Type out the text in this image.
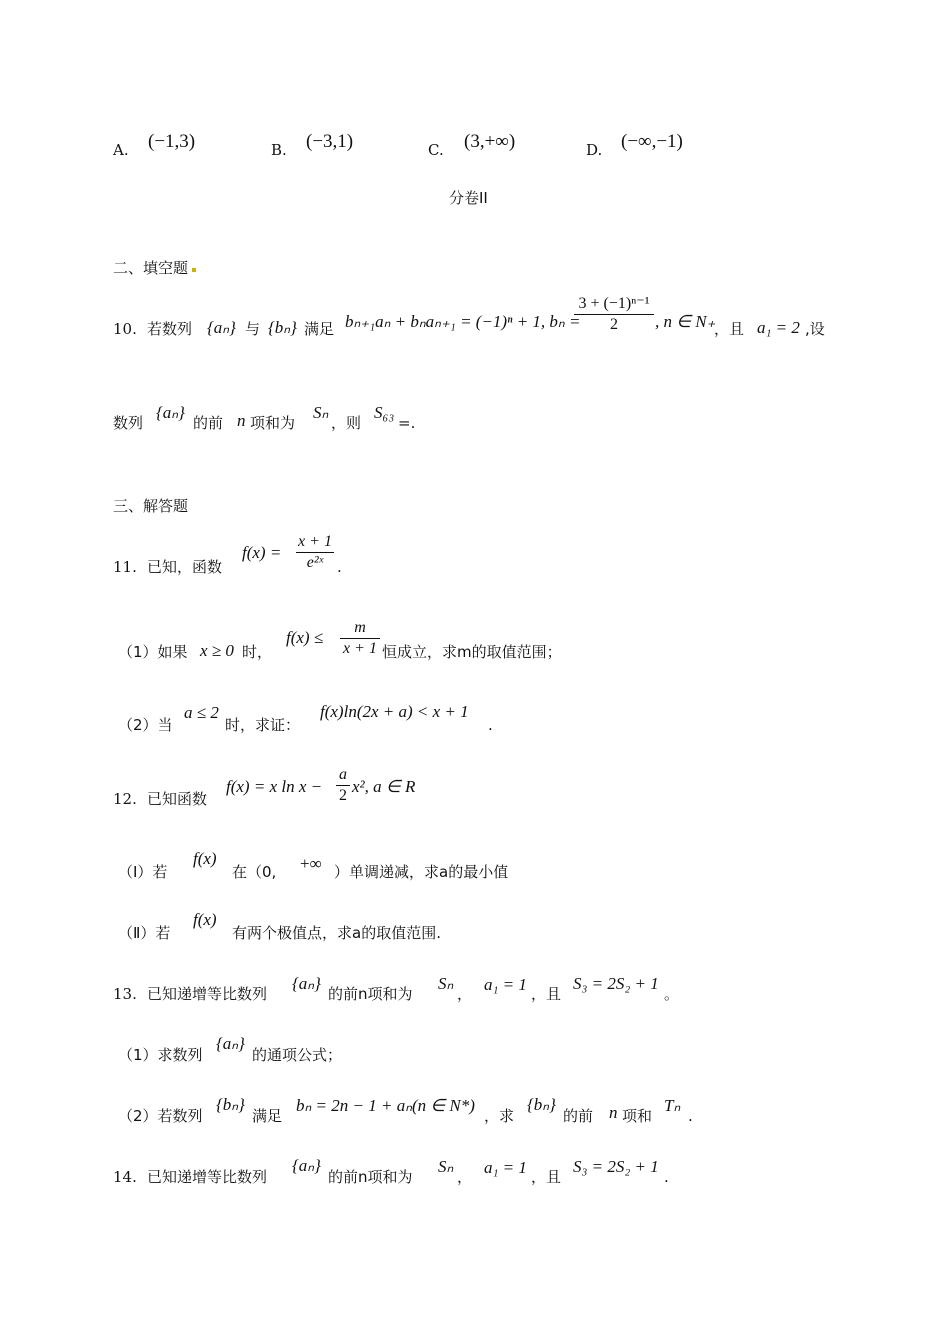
A. (−1,3)	B. (−3,1)	C. (3,+∞)	D. (−∞,−1)
分卷II
二、填空题
10. 若数列 {aₙ} 与 {bₙ} 满足 bₙ₊₁aₙ + bₙaₙ₊₁ = (−1)ⁿ + 1, bₙ =
3 + (−1)ⁿ⁻¹
2	, n ∈ N₊
，且 a₁ = 2 ,设
数列
{aₙ}
的前 n 项和为
Sₙ
，则
S₆₃
=.
三、解答题
11. 已知，函数
f(x) =
x + 1
e²ˣ .
（1）如果 x ≥ 0 时，
f(x) ≤
m
x + 1 恒成立，求m的取值范围；
（2）当
a ≤ 2
时，求证：
f(x)ln(2x + a) < x + 1
.
12. 已知函数
f(x) = x ln x −
a
2 x², a ∈ R
（Ⅰ）若
f(x)
在（0, +∞ ）单调递减，求a的最小值
（Ⅱ）若
f(x)
有两个极值点，求a的取值范围.
13. 已知递增等比数列
{aₙ}
的前n项和为
Sₙ
， a₁ = 1 ，且
S₃ = 2S₂ + 1
。
（1）求数列
{aₙ}
的通项公式；
（2）若数列
{bₙ}
满足
bₙ = 2n − 1 + aₙ(n ∈ N*)
，求
{bₙ}
的前 n 项和
Tₙ
.
14. 已知递增等比数列
{aₙ}
的前n项和为
Sₙ
， a₁ = 1 ，且
S₃ = 2S₂ + 1
.
